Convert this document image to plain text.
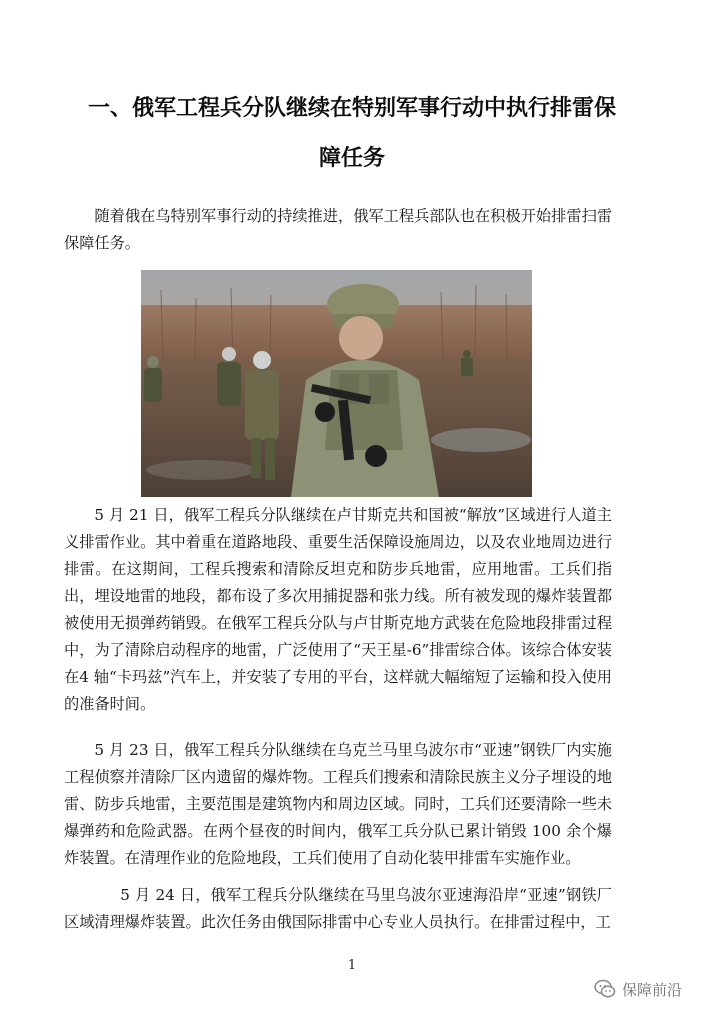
一、俄军工程兵分队继续在特别军事行动中执行排雷保
障任务

随着俄在乌特别军事行动的持续推进，俄军工程兵部队也在积极开始排雷扫雷保障任务。

5 月 21 日，俄军工程兵分队继续在卢甘斯克共和国被“解放”区域进行人道主义排雷作业。其中着重在道路地段、重要生活保障设施周边，以及农业地周边进行排雷。在这期间，工程兵搜索和清除反坦克和防步兵地雷，应用地雷。工兵们指出，埋设地雷的地段，都布设了多次用捕捉器和张力线。所有被发现的爆炸装置都被使用无损弹药销毁。在俄军工程兵分队与卢甘斯克地方武装在危险地段排雷过程中，为了清除启动程序的地雷，广泛使用了“天王星-6”排雷综合体。该综合体安装在4 轴“卡玛兹”汽车上，并安装了专用的平台，这样就大幅缩短了运输和投入使用的准备时间。

5 月 23 日，俄军工程兵分队继续在乌克兰马里乌波尔市“亚速”钢铁厂内实施工程侦察并清除厂区内遗留的爆炸物。工程兵们搜索和清除民族主义分子埋设的地雷、防步兵地雷，主要范围是建筑物内和周边区域。同时，工兵们还要清除一些未爆弹药和危险武器。在两个昼夜的时间内，俄军工兵分队已累计销毁 100 余个爆炸装置。在清理作业的危险地段，工兵们使用了自动化装甲排雷车实施作业。

5 月 24 日，俄军工程兵分队继续在马里乌波尔亚速海沿岸“亚速”钢铁厂区域清理爆炸装置。此次任务由俄国际排雷中心专业人员执行。在排雷过程中，工

1
保障前沿
